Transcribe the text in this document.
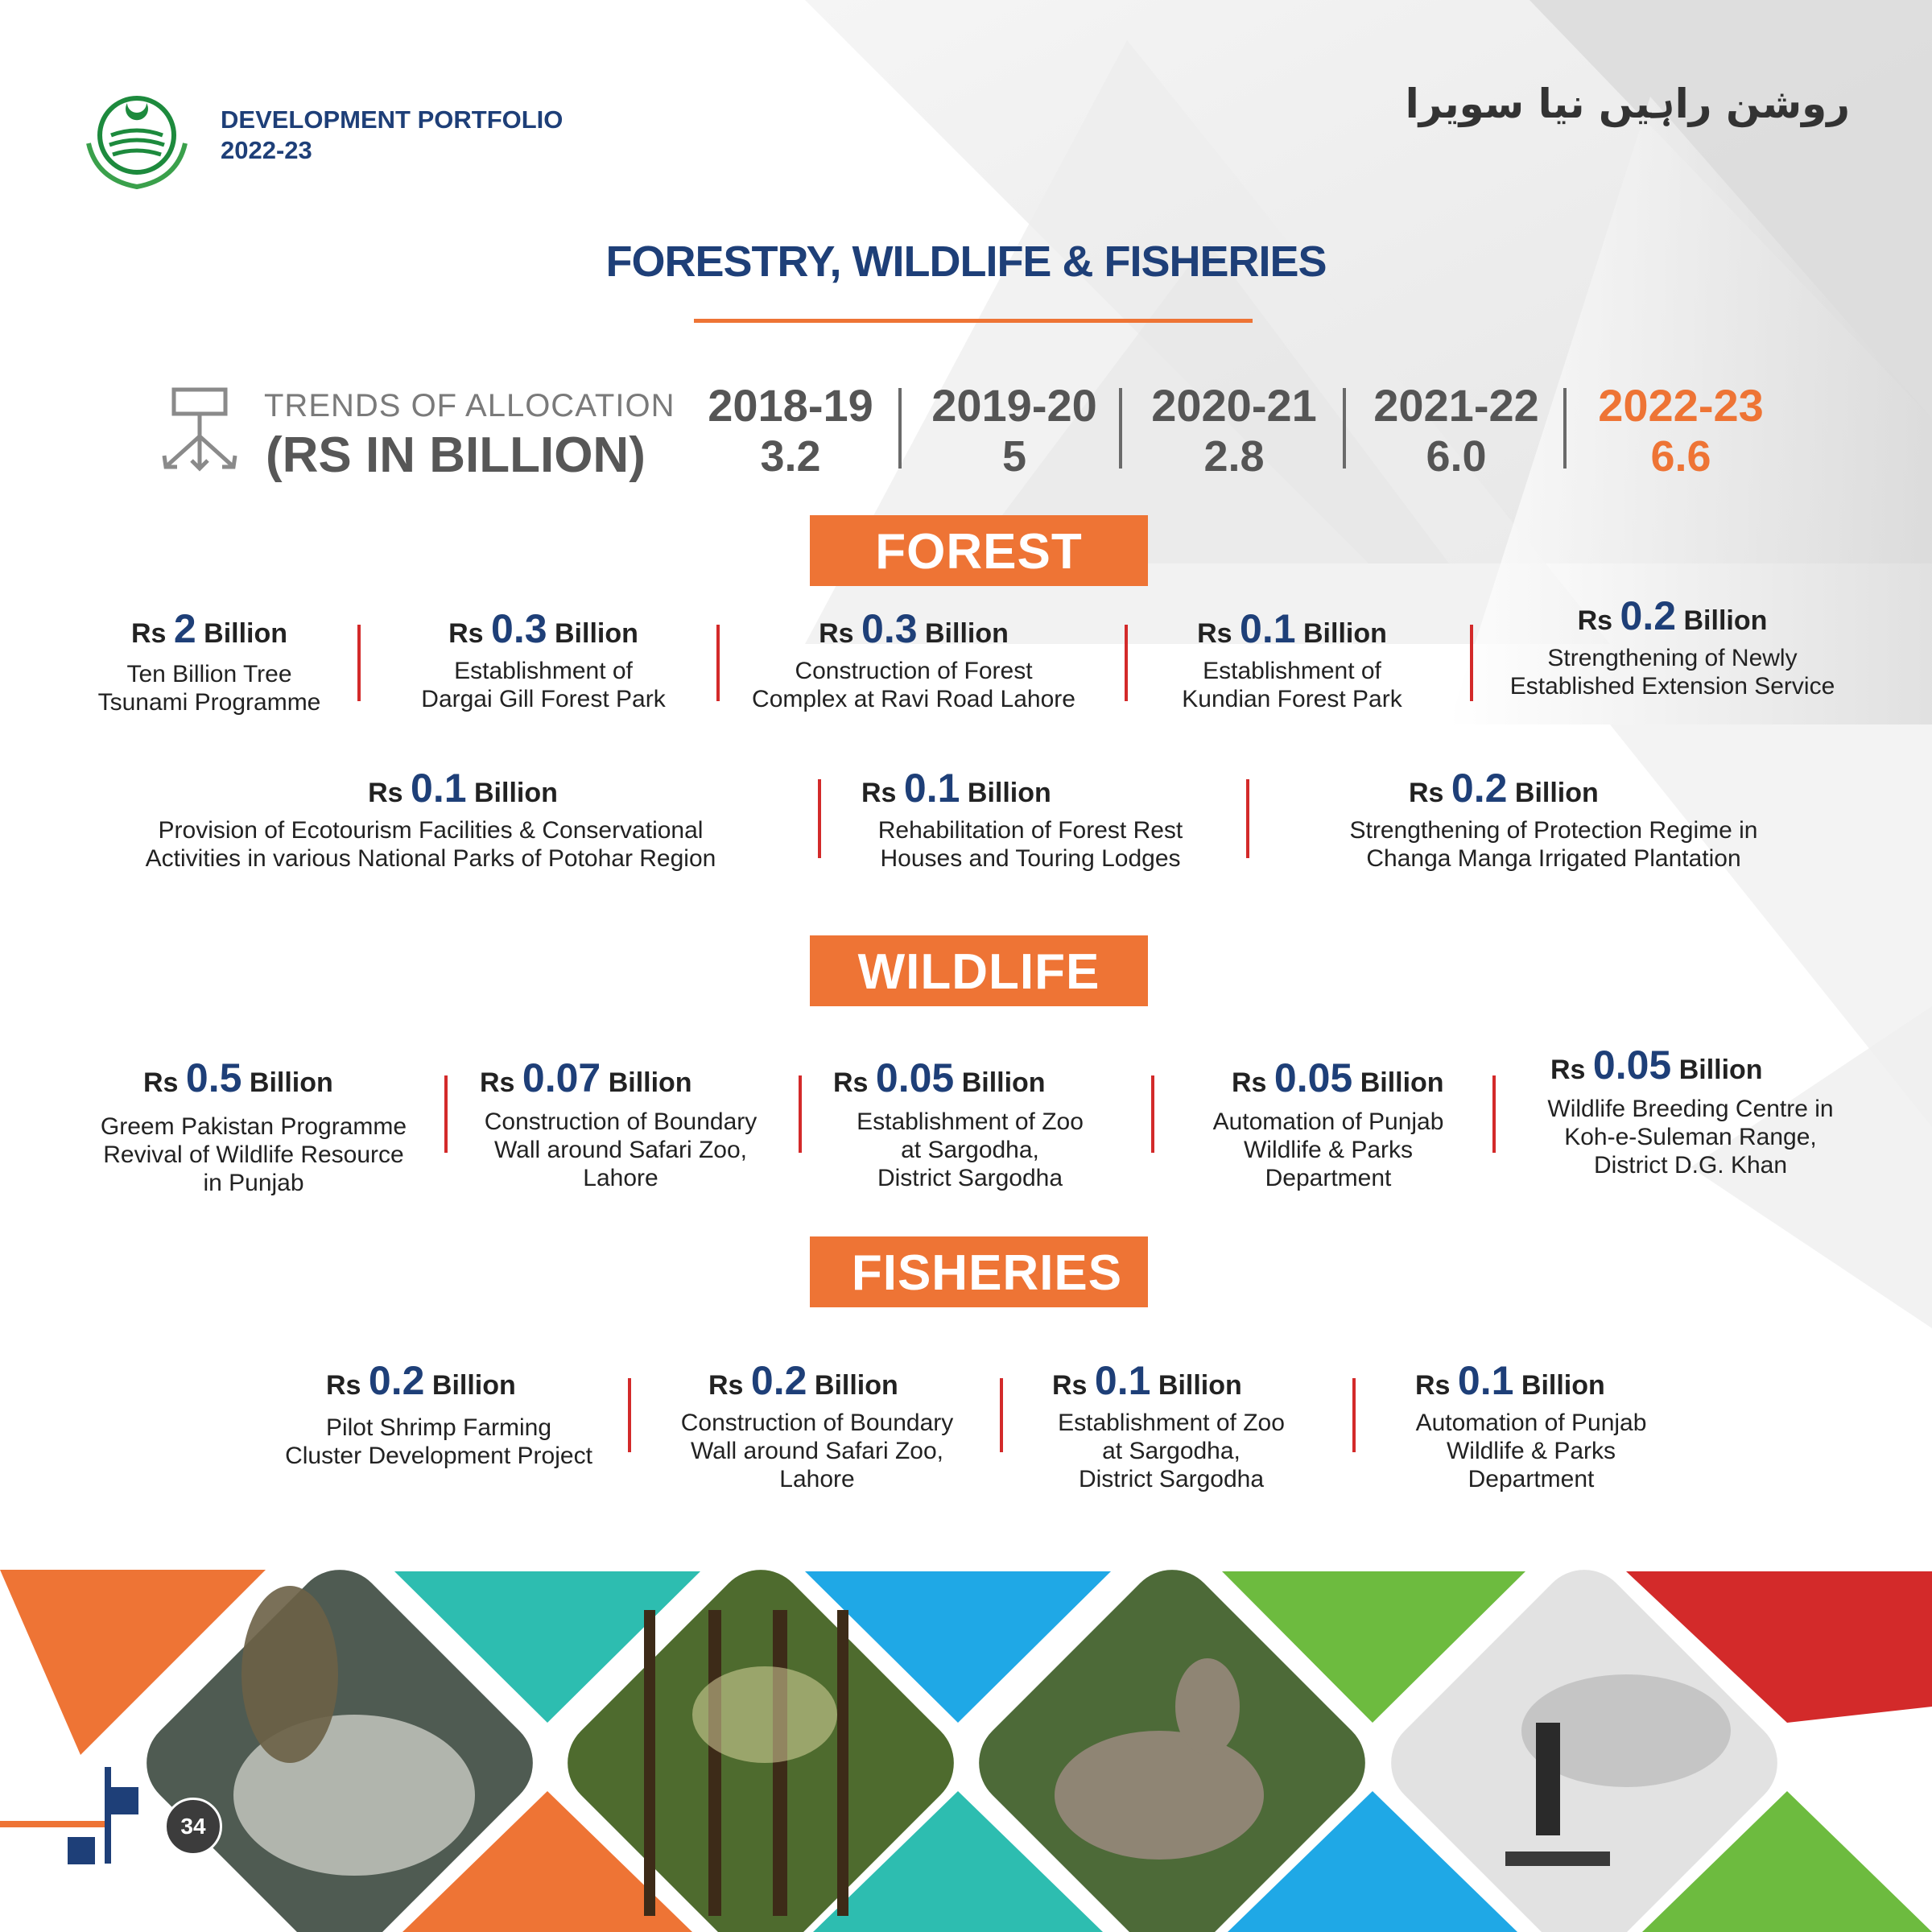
DEVELOPMENT PORTFOLIO
2022-23
روشن راہیں نیا سویرا
FORESTRY, WILDLIFE & FISHERIES
TRENDS OF ALLOCATION
(RS IN BILLION)
2018-19
3.2
2019-20
5
2020-21
2.8
2021-22
6.0
2022-23
6.6
FOREST
Rs 2 Billion
Ten Billion Tree
Tsunami Programme
Rs 0.3 Billion
Establishment of
Dargai Gill Forest Park
Rs 0.3 Billion
Construction of Forest
Complex at Ravi Road Lahore
Rs 0.1 Billion
Establishment of
Kundian Forest Park
Rs 0.2 Billion
Strengthening of Newly
Established Extension Service
Rs 0.1 Billion
Provision of Ecotourism Facilities & Conservational
Activities in various National Parks of Potohar Region
Rs 0.1 Billion
Rehabilitation of Forest Rest
Houses and Touring Lodges
Rs 0.2 Billion
Strengthening of Protection Regime in
Changa Manga Irrigated Plantation
WILDLIFE
Rs 0.5 Billion
Greem Pakistan Programme
Revival of Wildlife Resource
in Punjab
Rs 0.07 Billion
Construction of Boundary
Wall around Safari Zoo,
Lahore
Rs 0.05 Billion
Establishment of Zoo
at Sargodha,
District Sargodha
Rs 0.05 Billion
Automation of Punjab
Wildlife & Parks
Department
Rs 0.05 Billion
Wildlife Breeding Centre in
Koh-e-Suleman Range,
District D.G. Khan
FISHERIES
Rs 0.2 Billion
Pilot Shrimp Farming
Cluster Development Project
Rs 0.2 Billion
Construction of Boundary
Wall around Safari Zoo,
Lahore
Rs 0.1 Billion
Establishment of Zoo
at Sargodha,
District Sargodha
Rs 0.1 Billion
Automation of Punjab
Wildlife & Parks
Department
34
